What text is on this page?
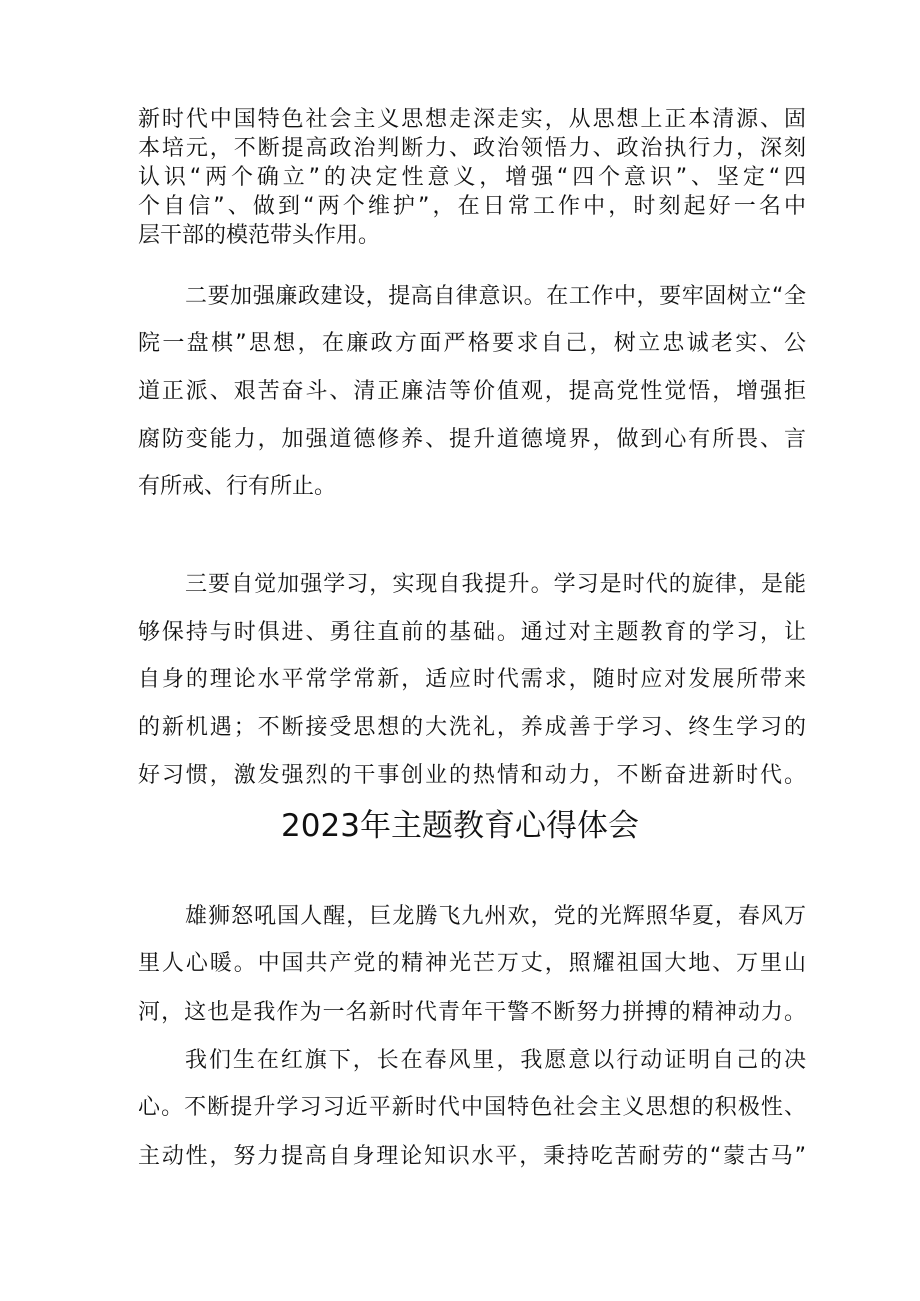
2023年主题教育心得体会
新时代中国特色社会主义思想走深走实，从思想上正本清源、固
本培元，不断提高政治判断力、政治领悟力、政治执行力，深刻
认识“两个确立”的决定性意义，增强“四个意识”、坚定“四
个自信”、做到“两个维护”，在日常工作中，时刻起好一名中
层干部的模范带头作用。
二要加强廉政建设，提高自律意识。在工作中，要牢固树立“全
院一盘棋”思想，在廉政方面严格要求自己，树立忠诚老实、公
道正派、艰苦奋斗、清正廉洁等价值观，提高党性觉悟，增强拒
腐防变能力，加强道德修养、提升道德境界，做到心有所畏、言
有所戒、行有所止。
三要自觉加强学习，实现自我提升。学习是时代的旋律，是能
够保持与时俱进、勇往直前的基础。通过对主题教育的学习，让
自身的理论水平常学常新，适应时代需求，随时应对发展所带来
的新机遇；不断接受思想的大洗礼，养成善于学习、终生学习的
好习惯，激发强烈的干事创业的热情和动力，不断奋进新时代。
雄狮怒吼国人醒，巨龙腾飞九州欢，党的光辉照华夏，春风万
里人心暖。中国共产党的精神光芒万丈，照耀祖国大地、万里山
河，这也是我作为一名新时代青年干警不断努力拼搏的精神动力。
我们生在红旗下，长在春风里，我愿意以行动证明自己的决
心。不断提升学习习近平新时代中国特色社会主义思想的积极性、
主动性，努力提高自身理论知识水平，秉持吃苦耐劳的“蒙古马”
